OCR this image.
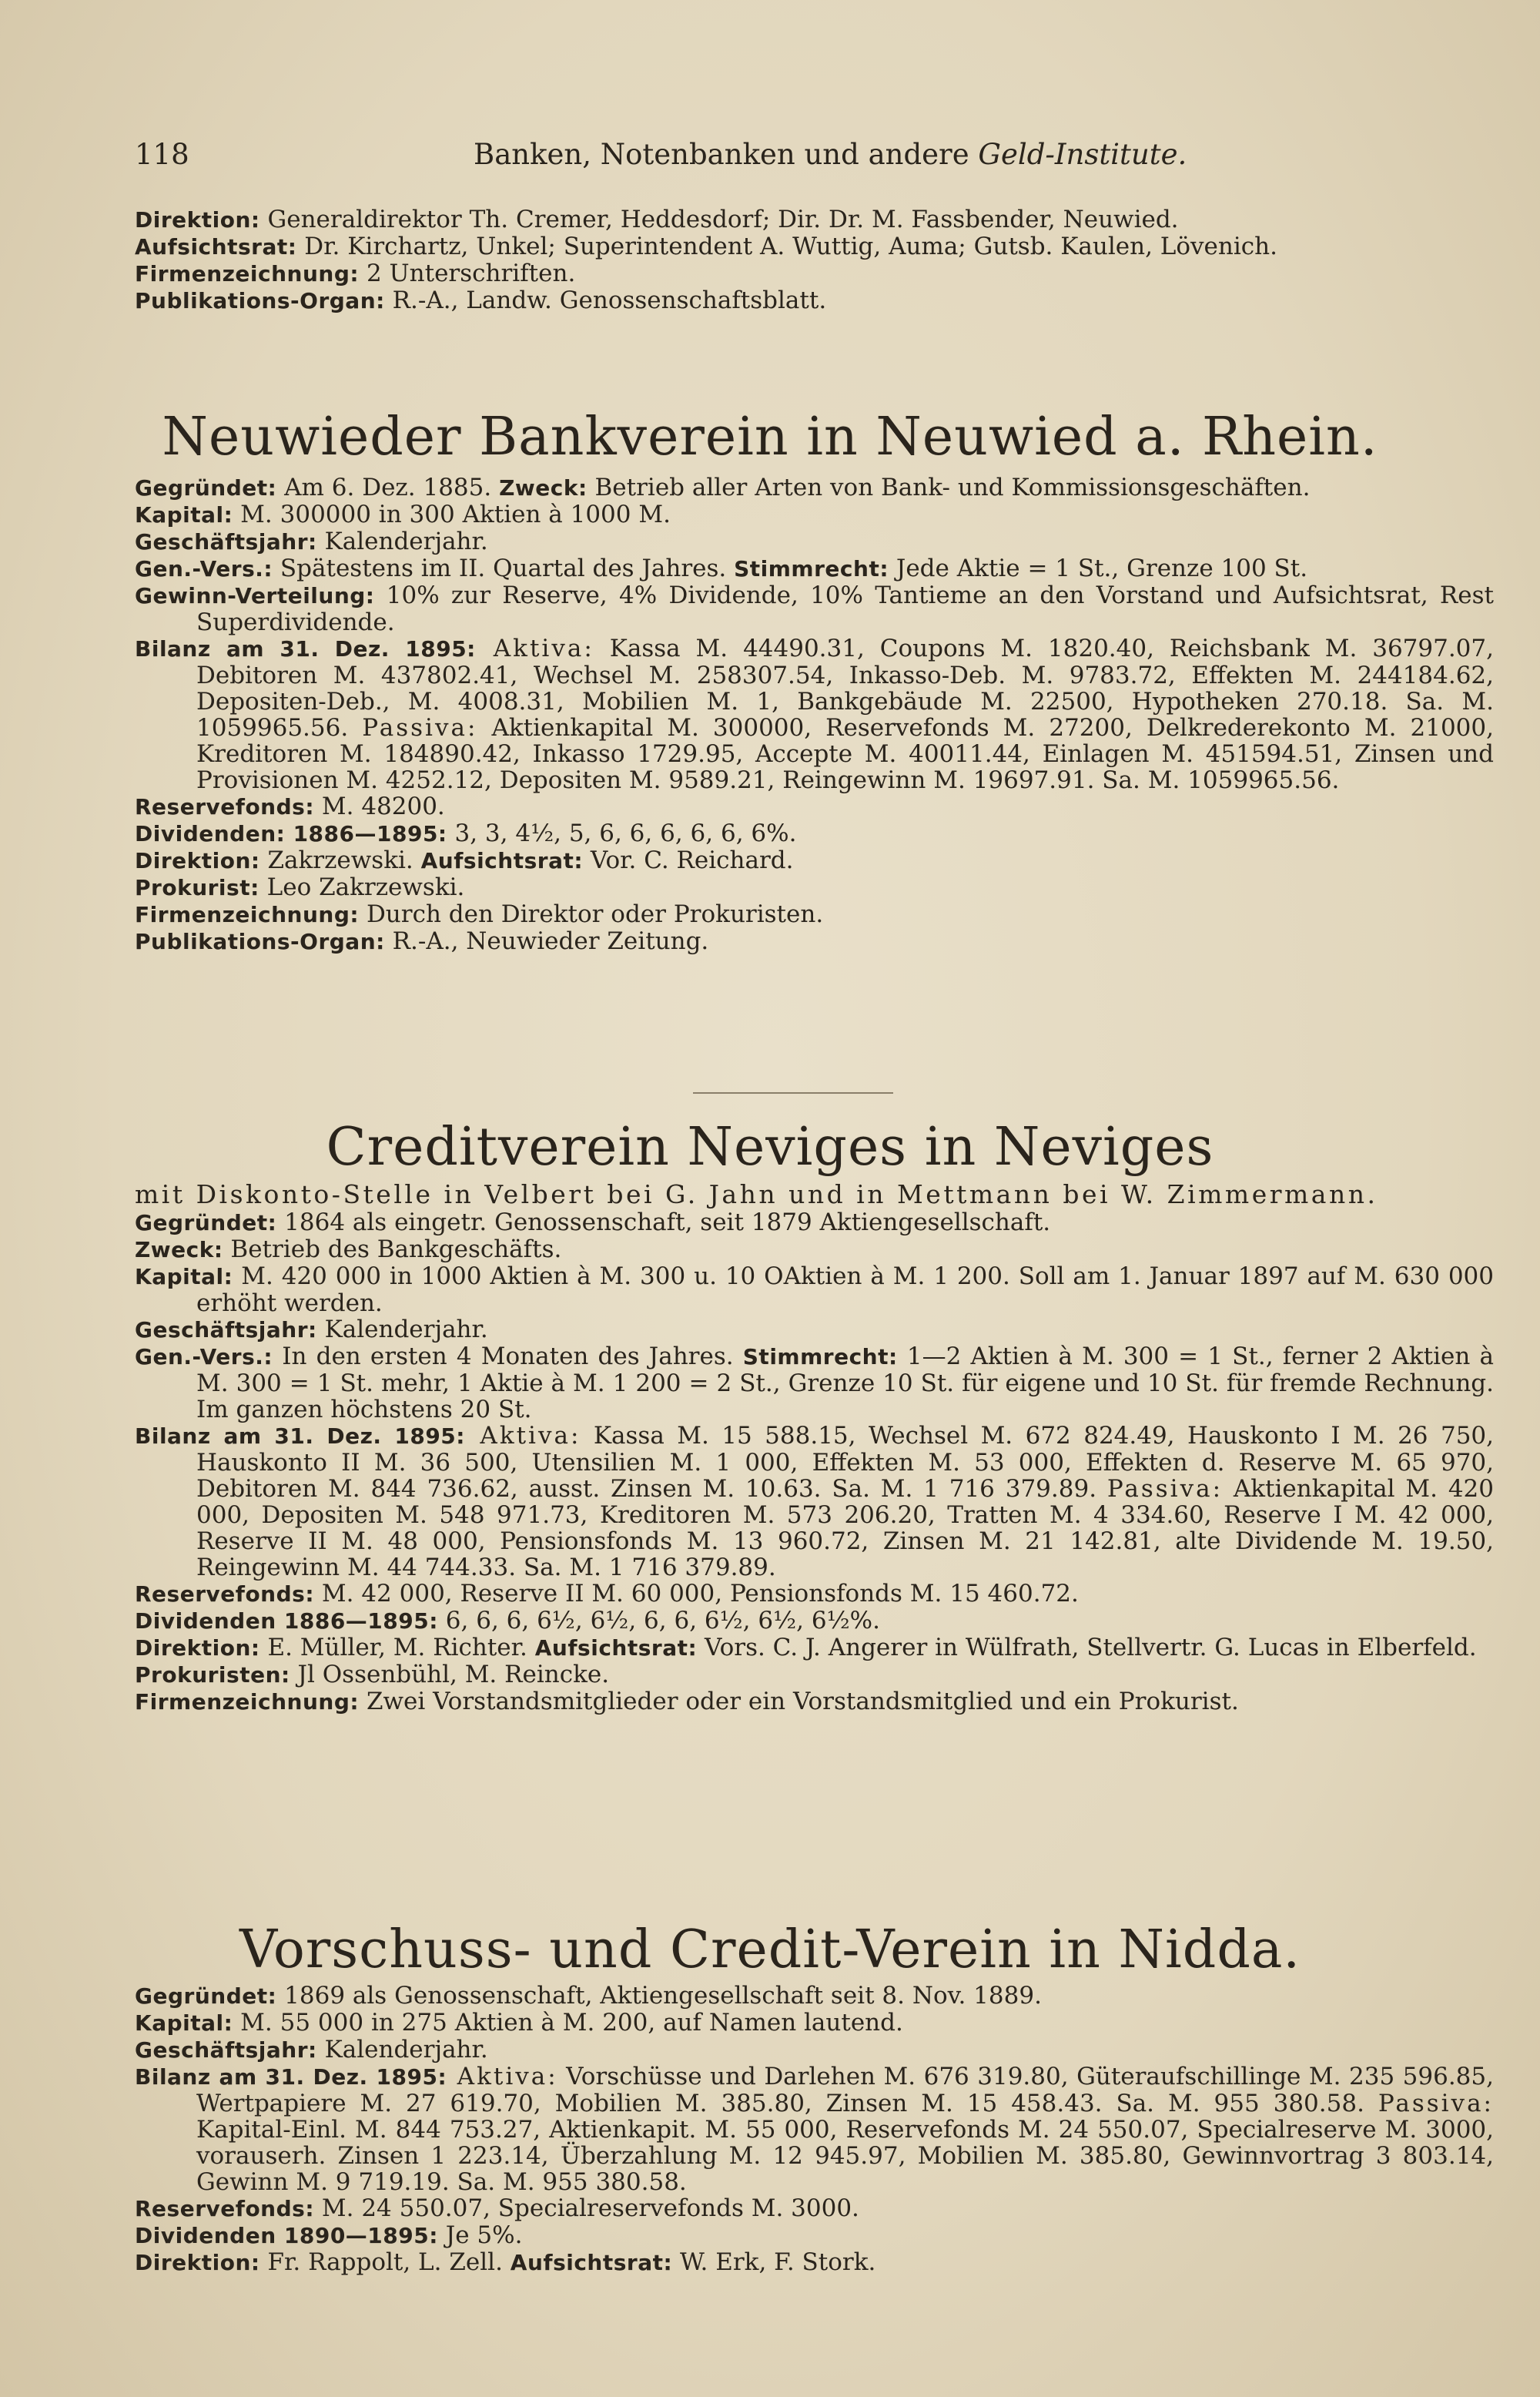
118	Banken, Notenbanken und andere Geld-Institute.

Direktion: Generaldirektor Th. Cremer, Heddesdorf; Dir. Dr. M. Fassbender, Neuwied.

Aufsichtsrat: Dr. Kirchartz, Unkel; Superintendent A. Wuttig, Auma; Gutsb. Kaulen, Lövenich.

Firmenzeichnung: 2 Unterschriften.

Publikations-Organ: R.-A., Landw. Genossenschaftsblatt.

Neuwieder Bankverein in Neuwied a. Rhein.

Gegründet: Am 6. Dez. 1885. Zweck: Betrieb aller Arten von Bank- und Kommissionsgeschäften.

Kapital: M. 300000 in 300 Aktien à 1000 M.

Geschäftsjahr: Kalenderjahr.

Gen.-Vers.: Spätestens im II. Quartal des Jahres. Stimmrecht: Jede Aktie = 1 St., Grenze 100 St.

Gewinn-Verteilung: 10% zur Reserve, 4% Dividende, 10% Tantieme an den Vorstand und Aufsichtsrat, Rest Superdividende.

Bilanz am 31. Dez. 1895: Aktiva: Kassa M. 44490.31, Coupons M. 1820.40, Reichsbank M. 36797.07, Debitoren M. 437802.41, Wechsel M. 258307.54, Inkasso-Deb. M. 9783.72, Effekten M. 244184.62, Depositen-Deb., M. 4008.31, Mobilien M. 1, Bankgebäude M. 22500, Hypotheken 270.18. Sa. M. 1059965.56. Passiva: Aktienkapital M. 300000, Reservefonds M. 27200, Delkrederekonto M. 21000, Kreditoren M. 184890.42, Inkasso 1729.95, Accepte M. 40011.44, Einlagen M. 451594.51, Zinsen und Provisionen M. 4252.12, Depositen M. 9589.21, Reingewinn M. 19697.91. Sa. M. 1059965.56.

Reservefonds: M. 48200.

Dividenden: 1886—1895: 3, 3, 4½, 5, 6, 6, 6, 6, 6, 6%.

Direktion: Zakrzewski. Aufsichtsrat: Vor. C. Reichard.

Prokurist: Leo Zakrzewski.

Firmenzeichnung: Durch den Direktor oder Prokuristen.

Publikations-Organ: R.-A., Neuwieder Zeitung.

Creditverein Neviges in Neviges

mit Diskonto-Stelle in Velbert bei G. Jahn und in Mettmann bei W. Zimmermann.

Gegründet: 1864 als eingetr. Genossenschaft, seit 1879 Aktiengesellschaft.

Zweck: Betrieb des Bankgeschäfts.

Kapital: M. 420 000 in 1000 Aktien à M. 300 u. 10 OAktien à M. 1 200. Soll am 1. Januar 1897 auf M. 630 000 erhöht werden.

Geschäftsjahr: Kalenderjahr.

Gen.-Vers.: In den ersten 4 Monaten des Jahres. Stimmrecht: 1—2 Aktien à M. 300 = 1 St., ferner 2 Aktien à M. 300 = 1 St. mehr, 1 Aktie à M. 1 200 = 2 St., Grenze 10 St. für eigene und 10 St. für fremde Rechnung. Im ganzen höchstens 20 St.

Bilanz am 31. Dez. 1895: Aktiva: Kassa M. 15 588.15, Wechsel M. 672 824.49, Hauskonto I M. 26 750, Hauskonto II M. 36 500, Utensilien M. 1 000, Effekten M. 53 000, Effekten d. Reserve M. 65 970, Debitoren M. 844 736.62, ausst. Zinsen M. 10.63. Sa. M. 1 716 379.89. Passiva: Aktienkapital M. 420 000, Depositen M. 548 971.73, Kreditoren M. 573 206.20, Tratten M. 4 334.60, Reserve I M. 42 000, Reserve II M. 48 000, Pensionsfonds M. 13 960.72, Zinsen M. 21 142.81, alte Dividende M. 19.50, Reingewinn M. 44 744.33. Sa. M. 1 716 379.89.

Reservefonds: M. 42 000, Reserve II M. 60 000, Pensionsfonds M. 15 460.72.

Dividenden 1886—1895: 6, 6, 6, 6½, 6½, 6, 6, 6½, 6½, 6½%.

Direktion: E. Müller, M. Richter. Aufsichtsrat: Vors. C. J. Angerer in Wülfrath, Stellvertr. G. Lucas in Elberfeld.

Prokuristen: Jl Ossenbühl, M. Reincke.

Firmenzeichnung: Zwei Vorstandsmitglieder oder ein Vorstandsmitglied und ein Prokurist.

Vorschuss- und Credit-Verein in Nidda.

Gegründet: 1869 als Genossenschaft, Aktiengesellschaft seit 8. Nov. 1889.

Kapital: M. 55 000 in 275 Aktien à M. 200, auf Namen lautend.

Geschäftsjahr: Kalenderjahr.

Bilanz am 31. Dez. 1895: Aktiva: Vorschüsse und Darlehen M. 676 319.80, Güteraufschillinge M. 235 596.85, Wertpapiere M. 27 619.70, Mobilien M. 385.80, Zinsen M. 15 458.43. Sa. M. 955 380.58. Passiva: Kapital-Einl. M. 844 753.27, Aktienkapit. M. 55 000, Reservefonds M. 24 550.07, Specialreserve M. 3000, vorauserh. Zinsen 1 223.14, Überzahlung M. 12 945.97, Mobilien M. 385.80, Gewinnvortrag 3 803.14, Gewinn M. 9 719.19. Sa. M. 955 380.58.

Reservefonds: M. 24 550.07, Specialreservefonds M. 3000.

Dividenden 1890—1895: Je 5%.

Direktion: Fr. Rappolt, L. Zell. Aufsichtsrat: W. Erk, F. Stork.
